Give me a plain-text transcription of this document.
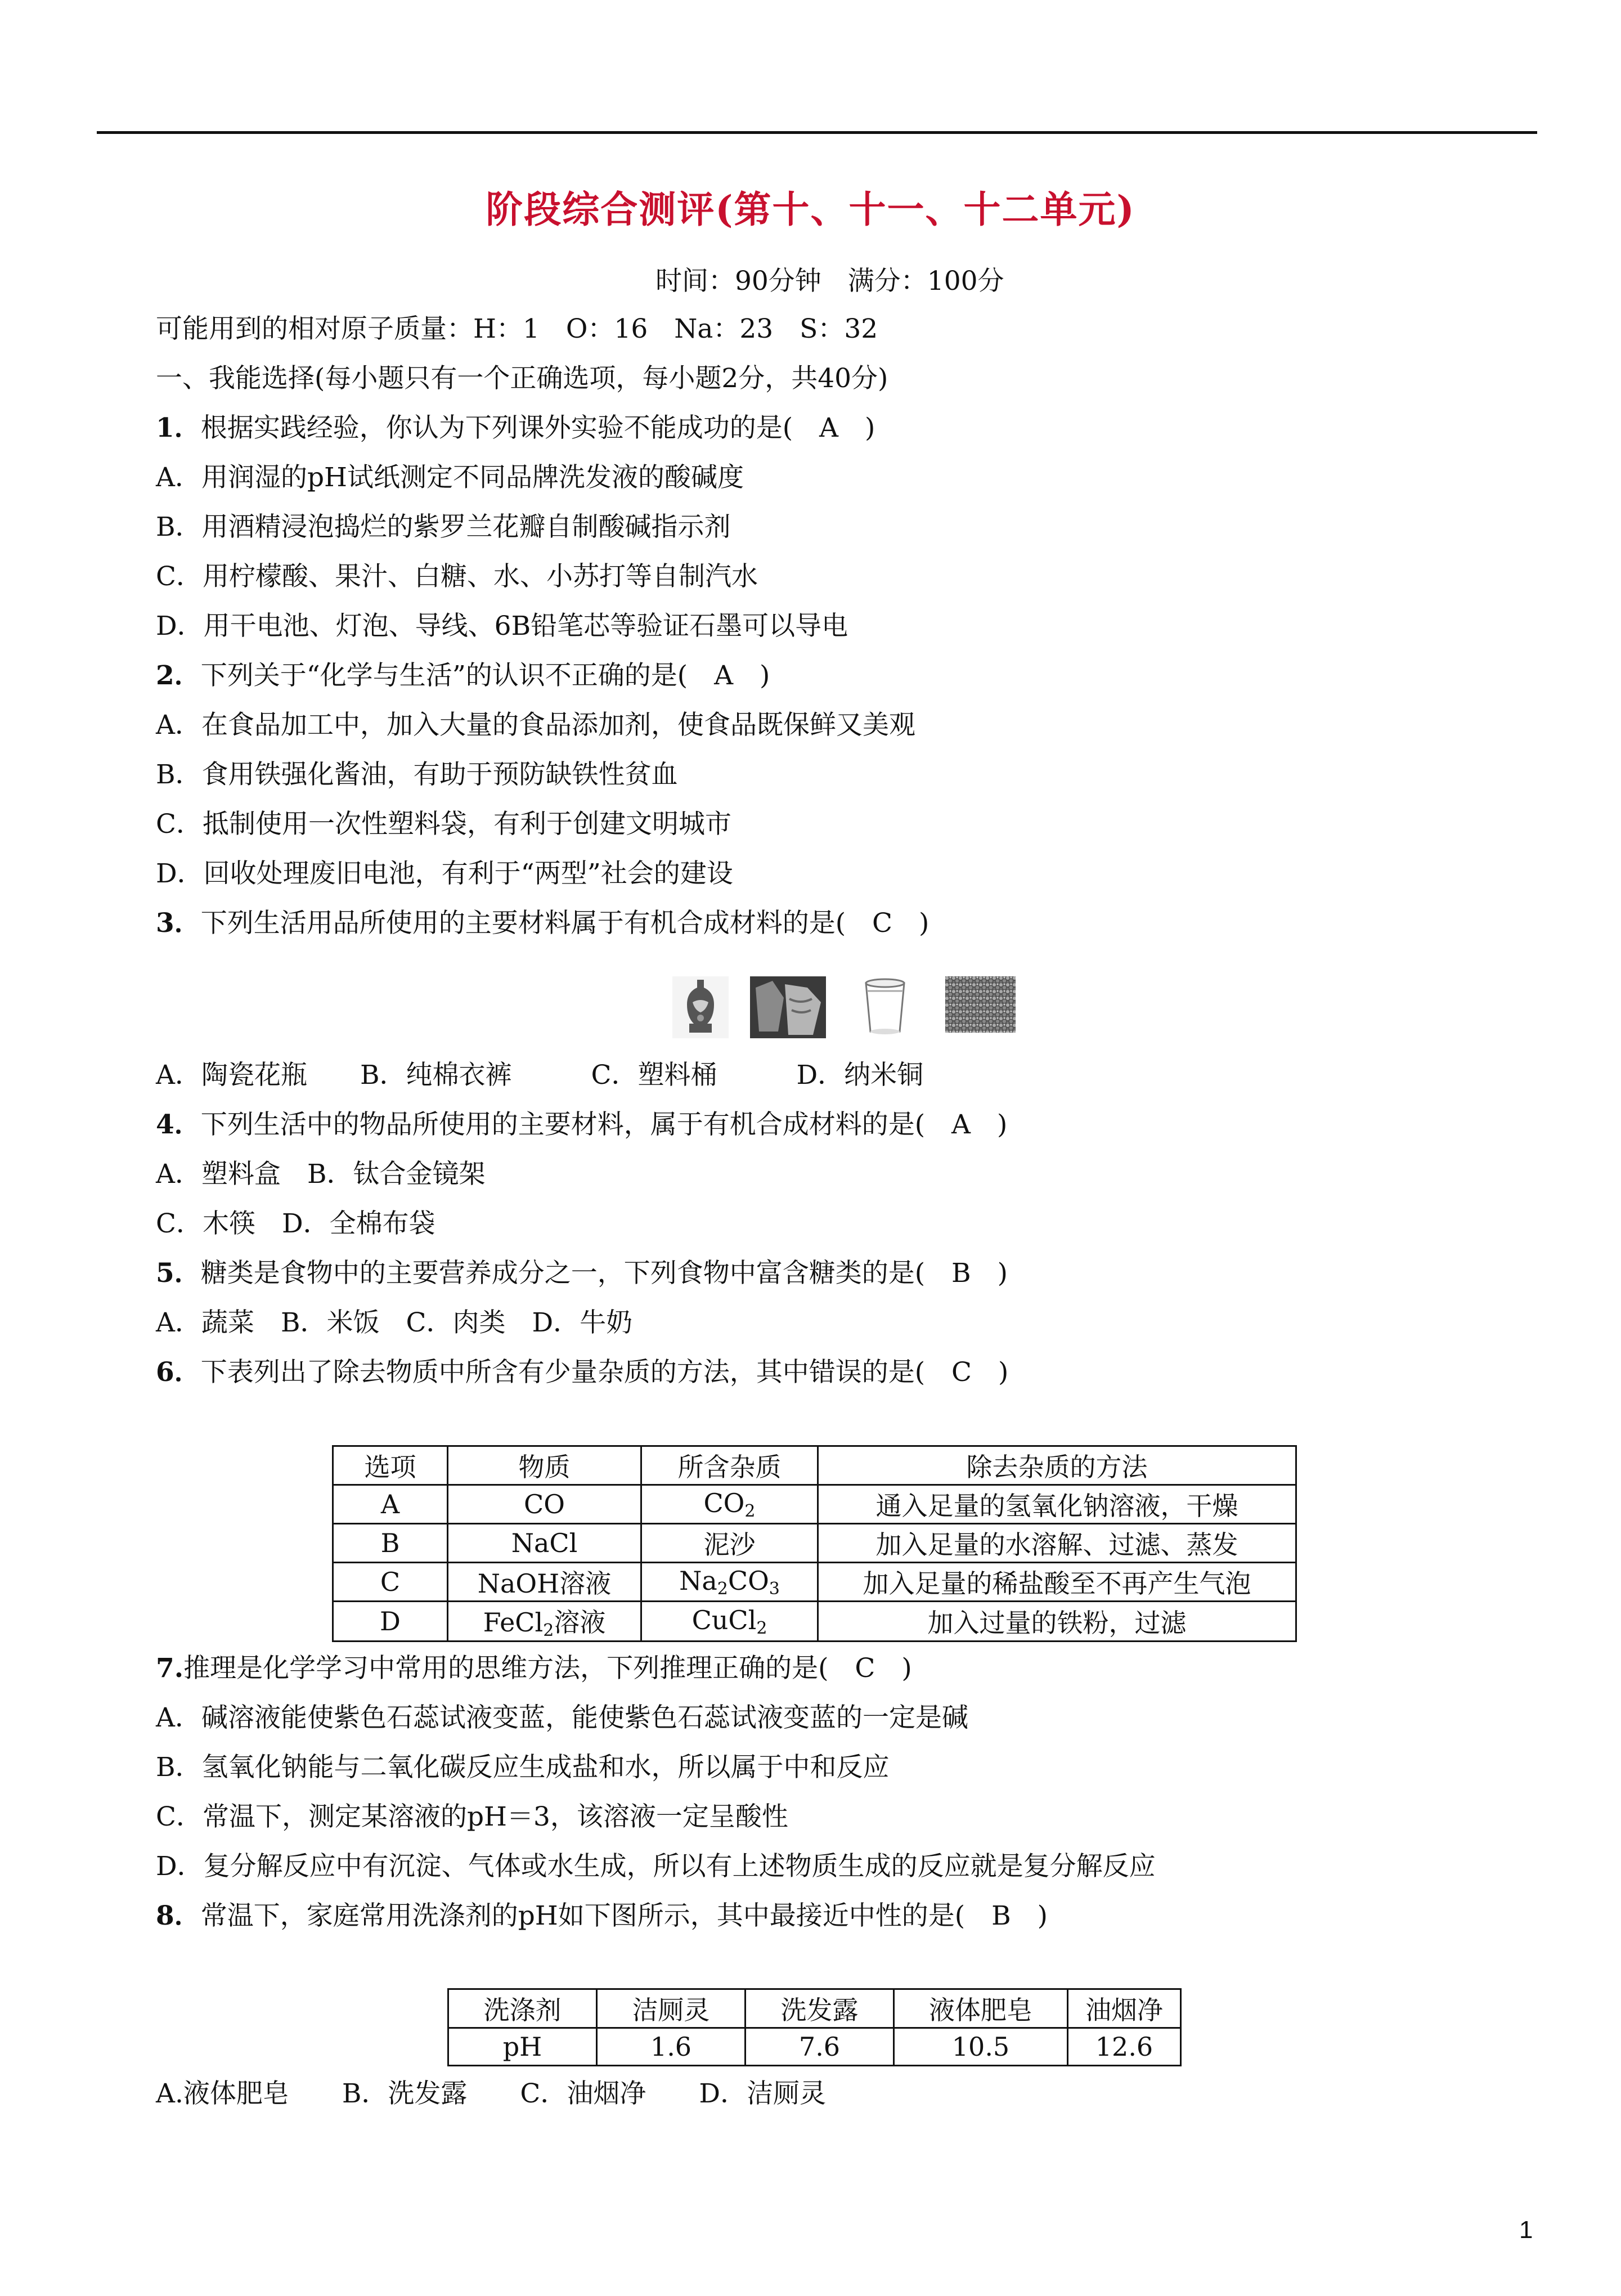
阶段综合测评(第十、十一、十二单元)
时间：90分钟　满分：100分
可能用到的相对原子质量：H：1　O：16　Na：23　S：32
一、我能选择(每小题只有一个正确选项，每小题2分，共40分)
1．根据实践经验，你认为下列课外实验不能成功的是(　A　)
A．用润湿的pH试纸测定不同品牌洗发液的酸碱度
B．用酒精浸泡捣烂的紫罗兰花瓣自制酸碱指示剂
C．用柠檬酸、果汁、白糖、水、小苏打等自制汽水
D．用干电池、灯泡、导线、6B铅笔芯等验证石墨可以导电
2．下列关于“化学与生活”的认识不正确的是(　A　)
A．在食品加工中，加入大量的食品添加剂，使食品既保鲜又美观
B．食用铁强化酱油，有助于预防缺铁性贫血
C．抵制使用一次性塑料袋，有利于创建文明城市
D．回收处理废旧电池，有利于“两型”社会的建设
3．下列生活用品所使用的主要材料属于有机合成材料的是(　C　)
A．陶瓷花瓶　　B．纯棉衣裤　　　C．塑料桶　　　D．纳米铜
4．下列生活中的物品所使用的主要材料，属于有机合成材料的是(　A　)
A．塑料盒　B．钛合金镜架
C．木筷　D．全棉布袋
5．糖类是食物中的主要营养成分之一，下列食物中富含糖类的是(　B　)
A．蔬菜　B．米饭　C．肉类　D．牛奶
6．下表列出了除去物质中所含有少量杂质的方法，其中错误的是(　C　)
选项	物质	所含杂质	除去杂质的方法
A	CO	$CO_2$	通入足量的氢氧化钠溶液，干燥
B	NaCl	泥沙	加入足量的水溶解、过滤、蒸发
C	NaOH溶液	$Na_2CO_3$	加入足量的稀盐酸至不再产生气泡
D	FeCl$_2$溶液	CuCl$_2$	加入过量的铁粉，过滤
7.推理是化学学习中常用的思维方法，下列推理正确的是(　C　)
A．碱溶液能使紫色石蕊试液变蓝，能使紫色石蕊试液变蓝的一定是碱
B．氢氧化钠能与二氧化碳反应生成盐和水，所以属于中和反应
C．常温下，测定某溶液的pH＝3，该溶液一定呈酸性
D．复分解反应中有沉淀、气体或水生成，所以有上述物质生成的反应就是复分解反应
8．常温下，家庭常用洗涤剂的pH如下图所示，其中最接近中性的是(　B　)
洗涤剂	洁厕灵	洗发露	液体肥皂	油烟净
pH	1.6	7.6	10.5	12.6
A.液体肥皂　　B．洗发露　　C．油烟净　　D．洁厕灵
1
